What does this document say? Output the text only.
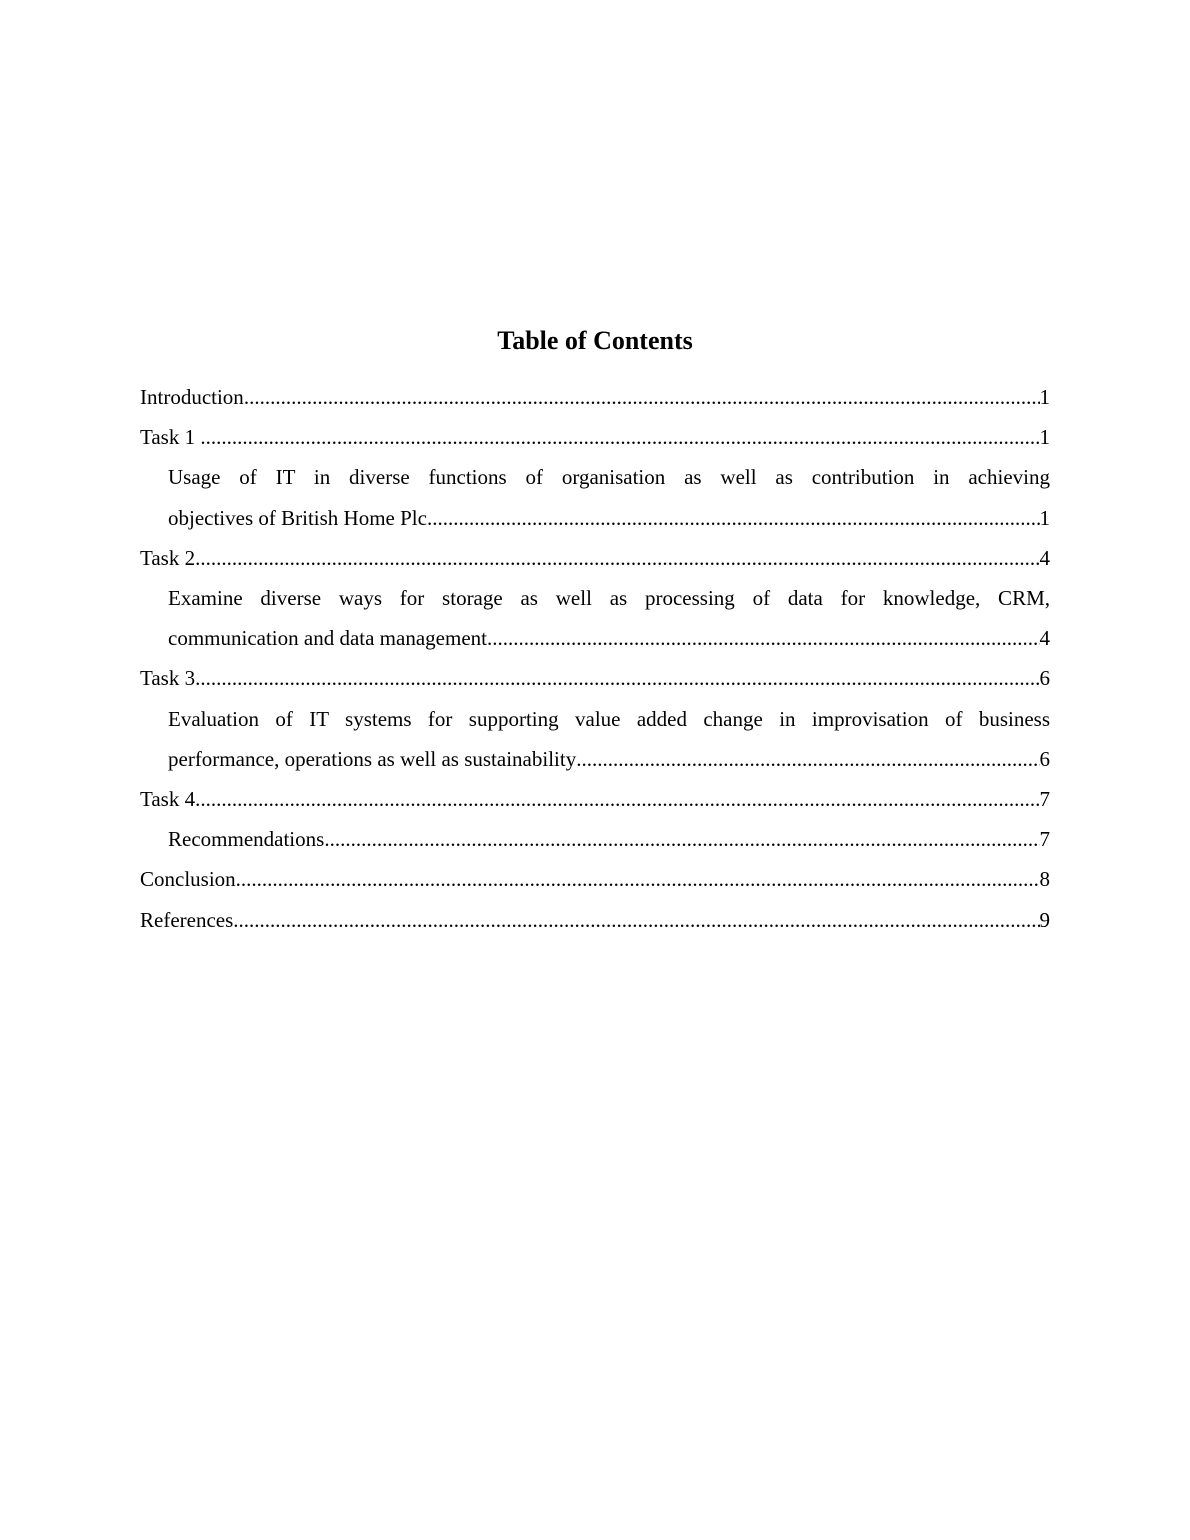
Table of Contents
Introduction .....	1
Task 1 .....	1
Usage of IT in diverse functions of organisation as well as contribution in achieving
objectives of British Home Plc .....	1
Task 2 .....	4
Examine diverse ways for storage as well as processing of data for knowledge, CRM,
communication and data management .....	4
Task 3 .....	6
Evaluation of IT systems for supporting value added change in improvisation of business
performance, operations as well as sustainability .....	6
Task 4 .....	7
Recommendations .....	7
Conclusion .....	8
References .....	9
